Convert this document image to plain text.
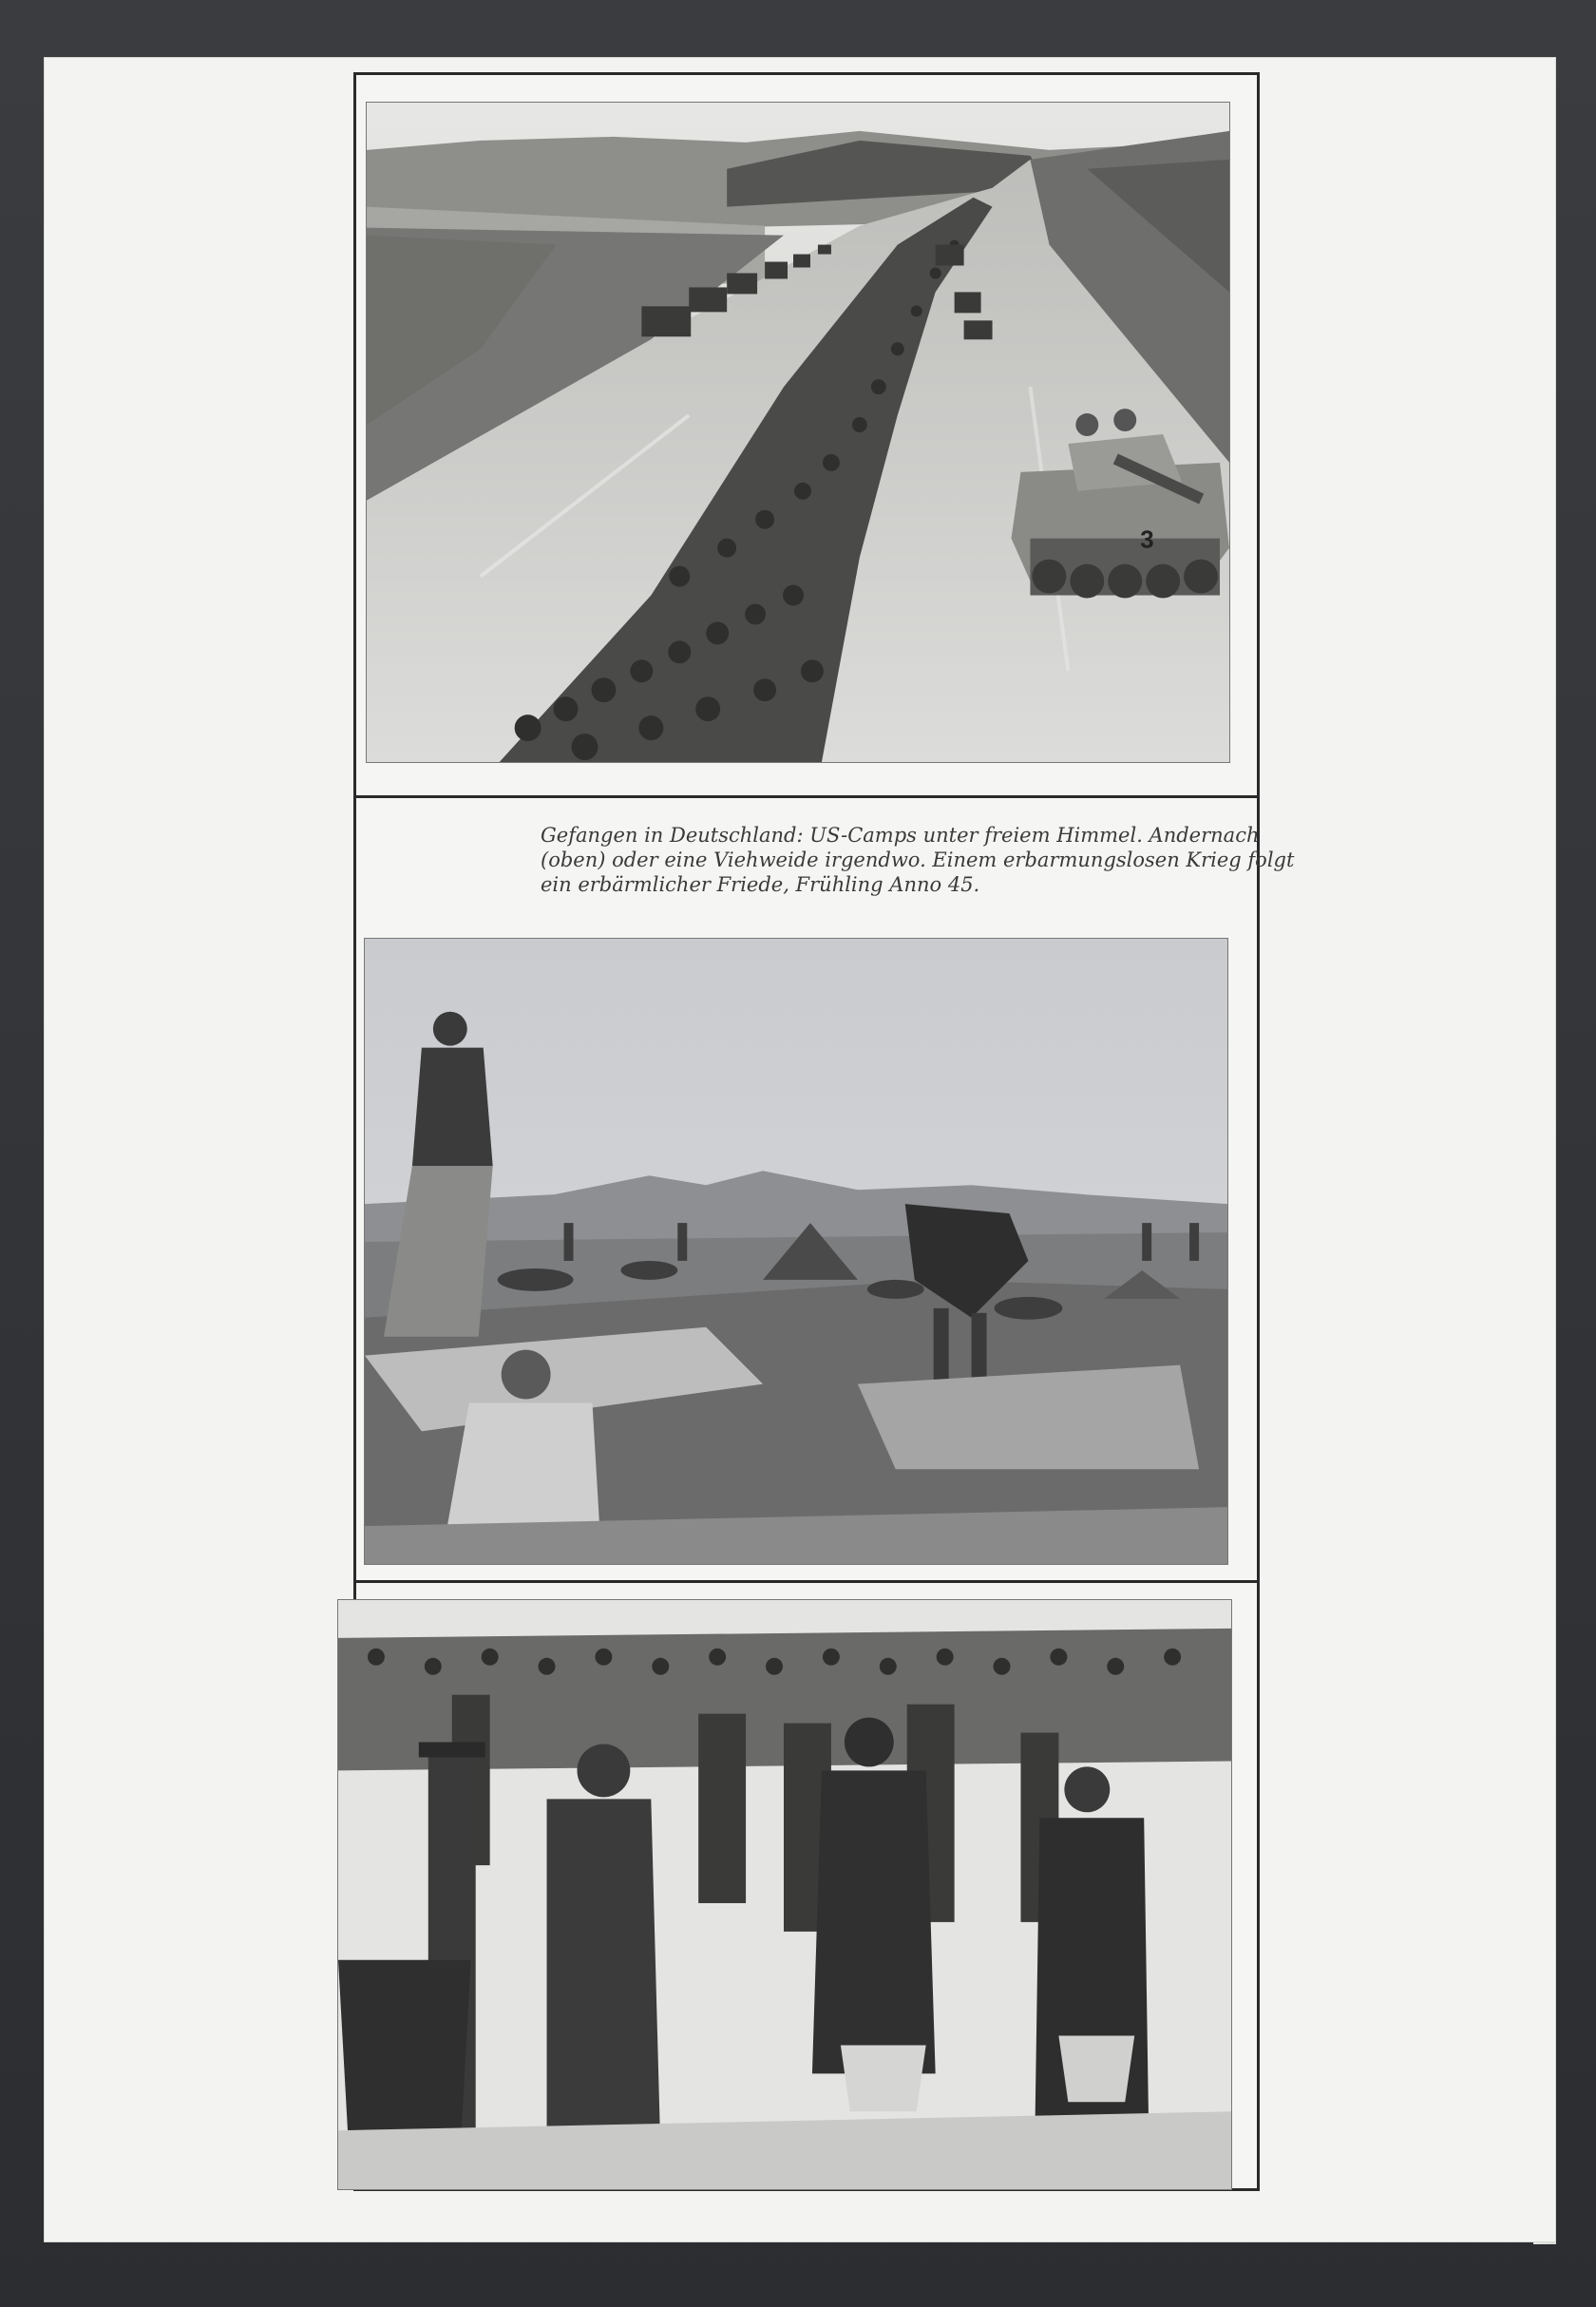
3
Gefangen in Deutschland: US-Camps unter freiem Himmel. Andernach
(oben) oder eine Viehweide irgendwo. Einem erbarmungslosen Krieg folgt
ein erbärmlicher Friede, Frühling Anno 45.
